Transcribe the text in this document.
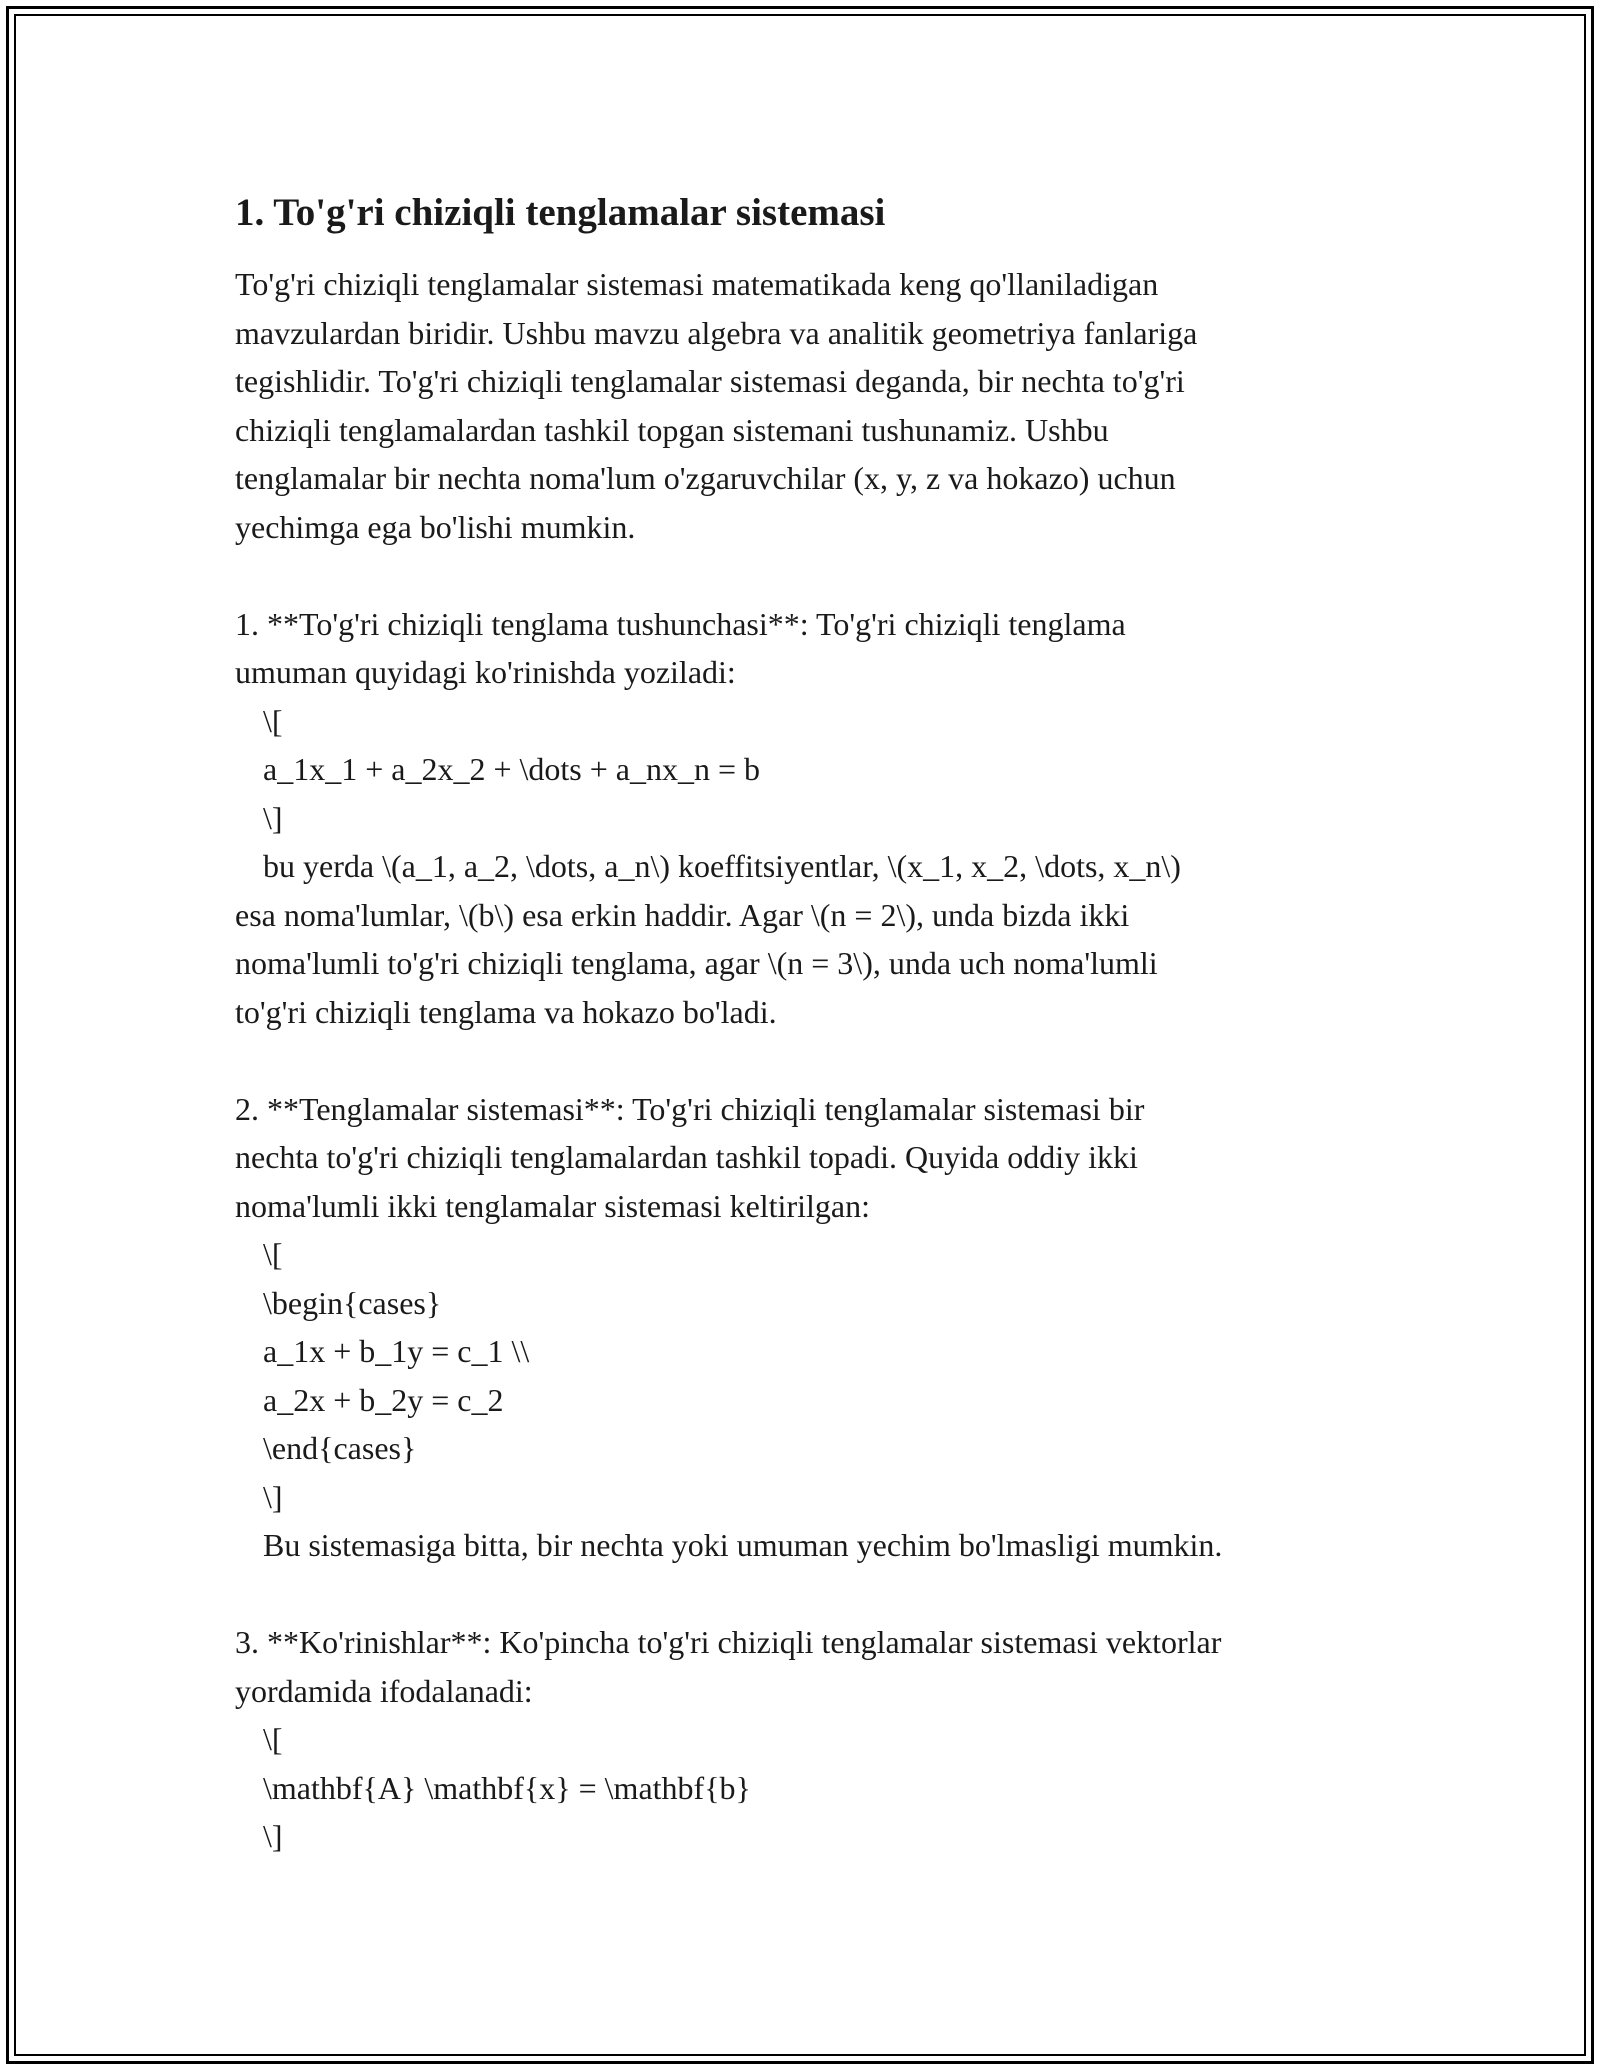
1. To'g'ri chiziqli tenglamalar sistemasi
To'g'ri chiziqli tenglamalar sistemasi matematikada keng qo'llaniladigan
mavzulardan biridir. Ushbu mavzu algebra va analitik geometriya fanlariga
tegishlidir. To'g'ri chiziqli tenglamalar sistemasi deganda, bir nechta to'g'ri
chiziqli tenglamalardan tashkil topgan sistemani tushunamiz. Ushbu
tenglamalar bir nechta noma'lum o'zgaruvchilar (x, y, z va hokazo) uchun
yechimga ega bo'lishi mumkin.
1. **To'g'ri chiziqli tenglama tushunchasi**: To'g'ri chiziqli tenglama
umuman quyidagi ko'rinishda yoziladi:
\[
a_1x_1 + a_2x_2 + \dots + a_nx_n = b
\]
bu yerda \(a_1, a_2, \dots, a_n\) koeffitsiyentlar, \(x_1, x_2, \dots, x_n\)
esa noma'lumlar, \(b\) esa erkin haddir. Agar \(n = 2\), unda bizda ikki
noma'lumli to'g'ri chiziqli tenglama, agar \(n = 3\), unda uch noma'lumli
to'g'ri chiziqli tenglama va hokazo bo'ladi.
2. **Tenglamalar sistemasi**: To'g'ri chiziqli tenglamalar sistemasi bir
nechta to'g'ri chiziqli tenglamalardan tashkil topadi. Quyida oddiy ikki
noma'lumli ikki tenglamalar sistemasi keltirilgan:
\[
\begin{cases}
a_1x + b_1y = c_1 \\
a_2x + b_2y = c_2
\end{cases}
\]
Bu sistemasiga bitta, bir nechta yoki umuman yechim bo'lmasligi mumkin.
3. **Ko'rinishlar**: Ko'pincha to'g'ri chiziqli tenglamalar sistemasi vektorlar
yordamida ifodalanadi:
\[
\mathbf{A} \mathbf{x} = \mathbf{b}
\]
